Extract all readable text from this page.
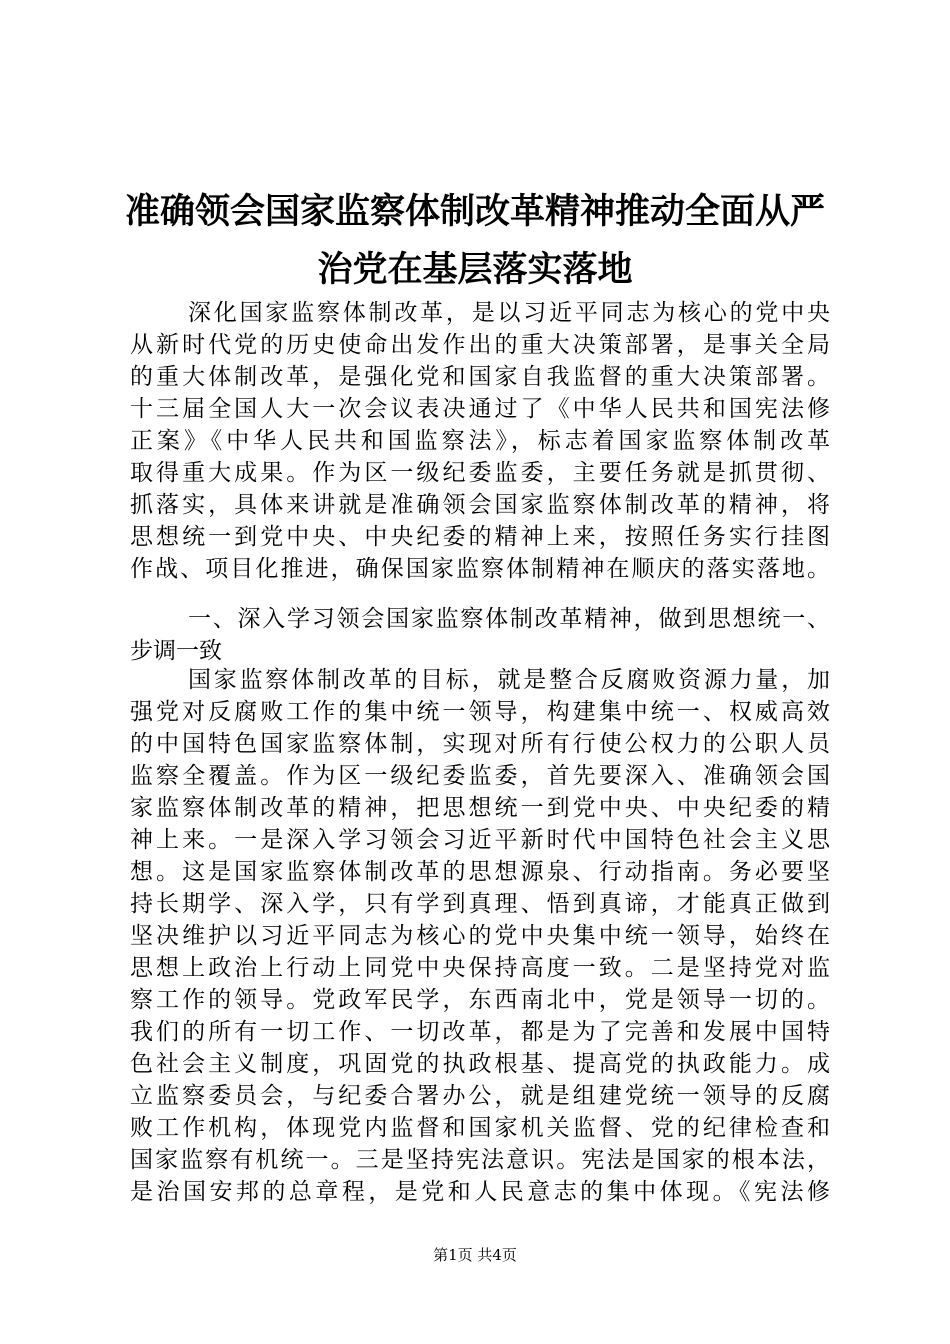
准确领会国家监察体制改革精神推动全面从严
治党在基层落实落地
深化国家监察体制改革，是以习近平同志为核心的党中央
从新时代党的历史使命出发作出的重大决策部署，是事关全局
的重大体制改革，是强化党和国家自我监督的重大决策部署。
十三届全国人大一次会议表决通过了《中华人民共和国宪法修
正案》《中华人民共和国监察法》，标志着国家监察体制改革
取得重大成果。作为区一级纪委监委，主要任务就是抓贯彻、
抓落实，具体来讲就是准确领会国家监察体制改革的精神，将
思想统一到党中央、中央纪委的精神上来，按照任务实行挂图
作战、项目化推进，确保国家监察体制精神在顺庆的落实落地。
一、深入学习领会国家监察体制改革精神，做到思想统一、
步调一致
国家监察体制改革的目标，就是整合反腐败资源力量，加
强党对反腐败工作的集中统一领导，构建集中统一、权威高效
的中国特色国家监察体制，实现对所有行使公权力的公职人员
监察全覆盖。作为区一级纪委监委，首先要深入、准确领会国
家监察体制改革的精神，把思想统一到党中央、中央纪委的精
神上来。一是深入学习领会习近平新时代中国特色社会主义思
想。这是国家监察体制改革的思想源泉、行动指南。务必要坚
持长期学、深入学，只有学到真理、悟到真谛，才能真正做到
坚决维护以习近平同志为核心的党中央集中统一领导，始终在
思想上政治上行动上同党中央保持高度一致。二是坚持党对监
察工作的领导。党政军民学，东西南北中，党是领导一切的。
我们的所有一切工作、一切改革，都是为了完善和发展中国特
色社会主义制度，巩固党的执政根基、提高党的执政能力。成
立监察委员会，与纪委合署办公，就是组建党统一领导的反腐
败工作机构，体现党内监督和国家机关监督、党的纪律检查和
国家监察有机统一。三是坚持宪法意识。宪法是国家的根本法，
是治国安邦的总章程，是党和人民意志的集中体现。《宪法修
第1页 共4页
